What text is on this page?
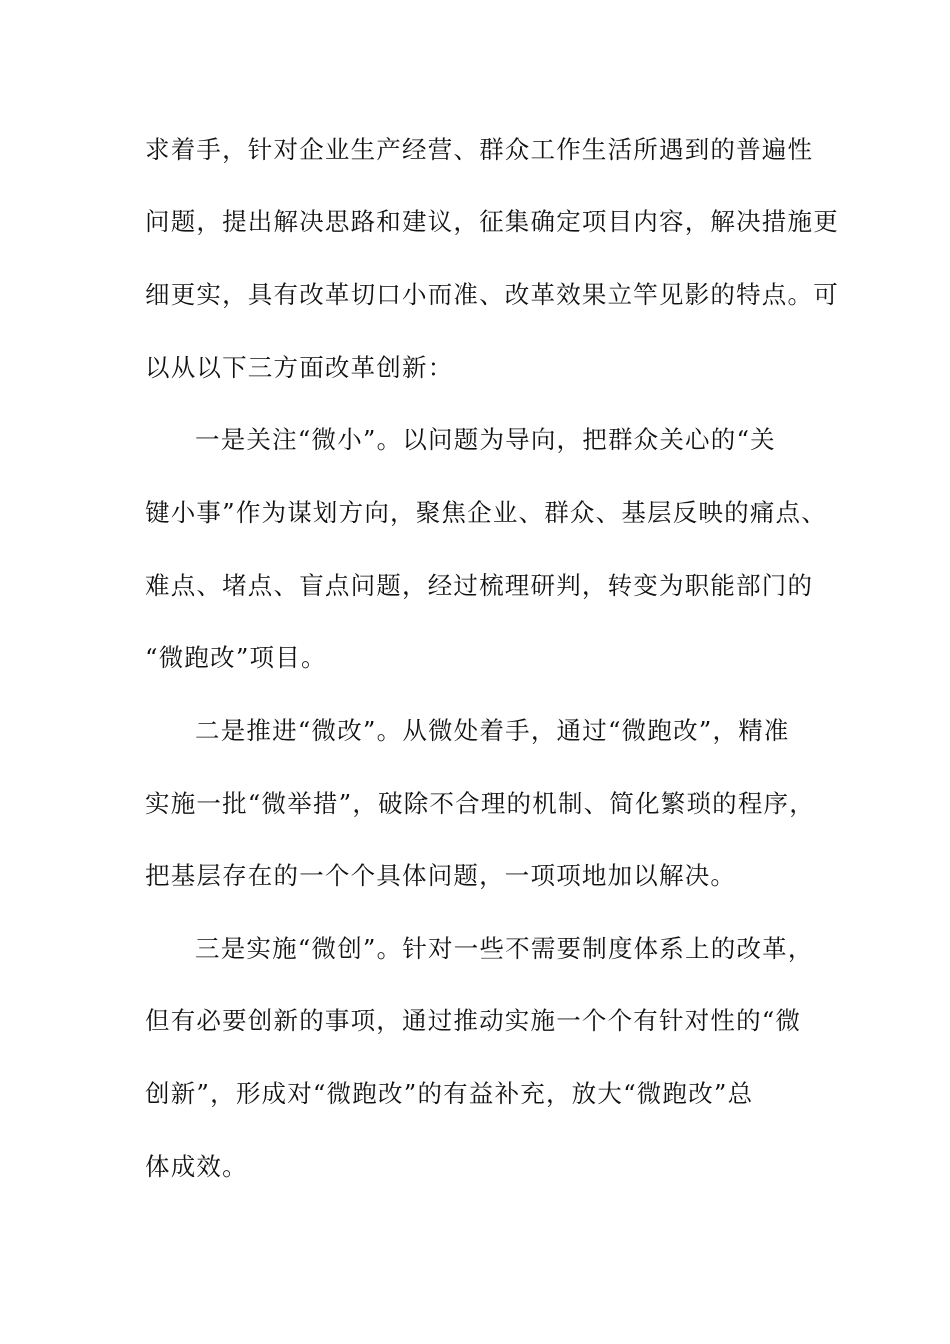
求着手，针对企业生产经营、群众工作生活所遇到的普遍性
问题，提出解决思路和建议，征集确定项目内容，解决措施更
细更实，具有改革切口小而准、改革效果立竿见影的特点。可
以从以下三方面改革创新：
一是关注“微小”。以问题为导向，把群众关心的“关
键小事”作为谋划方向，聚焦企业、群众、基层反映的痛点、
难点、堵点、盲点问题，经过梳理研判，转变为职能部门的
“微跑改”项目。
二是推进“微改”。从微处着手，通过“微跑改”，精准
实施一批“微举措”，破除不合理的机制、简化繁琐的程序，
把基层存在的一个个具体问题，一项项地加以解决。
三是实施“微创”。针对一些不需要制度体系上的改革，
但有必要创新的事项，通过推动实施一个个有针对性的“微
创新”，形成对“微跑改”的有益补充，放大“微跑改”总
体成效。
